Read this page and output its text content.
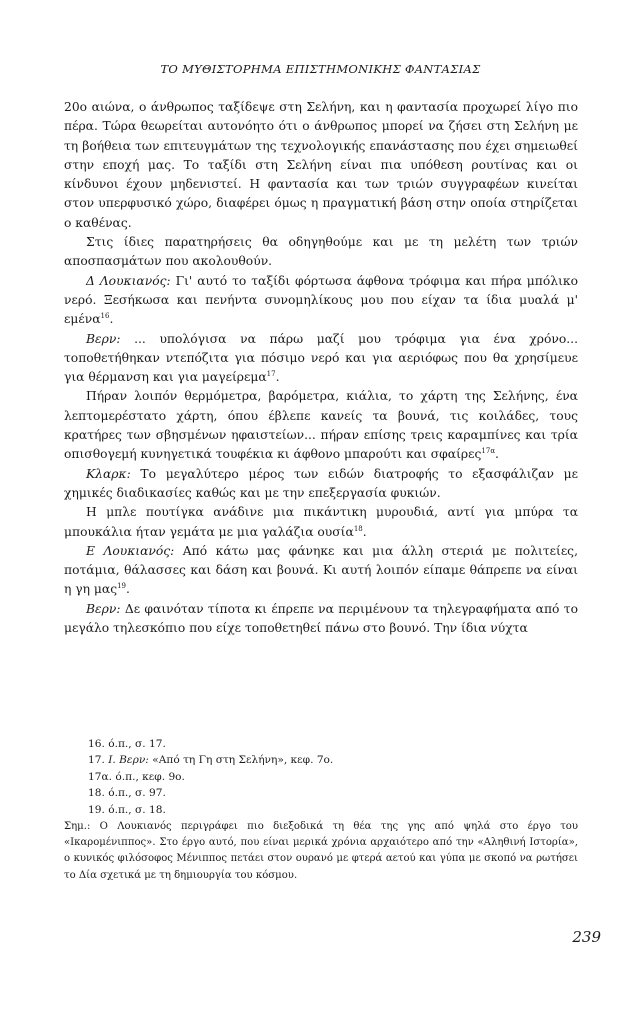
ΤΟ ΜΥΘΙΣΤΟΡΗΜΑ ΕΠΙΣΤΗΜΟΝΙΚΗΣ ΦΑΝΤΑΣΙΑΣ

20ο αιώνα, ο άνθρωπος ταξίδεψε στη Σελήνη, και η φαντασία προχωρεί λίγο πιο πέρα. Τώρα θεωρείται αυτονόητο ότι ο άνθρωπος μπορεί να ζήσει στη Σελήνη με τη βοήθεια των επιτευγμάτων της τεχνολογικής επανάστασης που έχει σημειωθεί στην εποχή μας. Το ταξίδι στη Σελήνη είναι πια υπόθεση ρουτίνας και οι κίνδυνοι έχουν μηδενιστεί. Η φαντασία και των τριών συγγραφέων κινείται στον υπερφυσικό χώρο, διαφέρει όμως η πραγματική βάση στην οποία στηρίζεται ο καθένας.

Στις ίδιες παρατηρήσεις θα οδηγηθούμε και με τη μελέτη των τριών αποσπασμάτων που ακολουθούν.

Δ Λουκιανός: Γι' αυτό το ταξίδι φόρτωσα άφθονα τρόφιμα και πήρα μπόλικο νερό. Ξεσήκωσα και πενήντα συνομηλίκους μου που είχαν τα ίδια μυαλά μ' εμένα$^{16}$.

Βερν: ... υπολόγισα να πάρω μαζί μου τρόφιμα για ένα χρόνο... τοποθετήθηκαν ντεπόζιτα για πόσιμο νερό και για αεριόφως που θα χρησίμευε για θέρμανση και για μαγείρεμα$^{17}$.

Πήραν λοιπόν θερμόμετρα, βαρόμετρα, κιάλια, το χάρτη της Σελήνης, ένα λεπτομερέστατο χάρτη, όπου έβλεπε κανείς τα βουνά, τις κοιλάδες, τους κρατήρες των σβησμένων ηφαιστείων... πήραν επίσης τρεις καραμπίνες και τρία οπισθογεμή κυνηγετικά τουφέκια κι άφθονο μπαρούτι και σφαίρες$^{17\alpha}$.

Κλαρκ: Το μεγαλύτερο μέρος των ειδών διατροφής το εξασφάλιζαν με χημικές διαδικασίες καθώς και με την επεξεργασία φυκιών.

Η μπλε πουτίγκα ανάδινε μια πικάντικη μυρουδιά, αντί για μπύρα τα μπουκάλια ήταν γεμάτα με μια γαλάζια ουσία$^{18}$.

Ε Λουκιανός: Από κάτω μας φάνηκε και μια άλλη στεριά με πολιτείες, ποτάμια, θάλασσες και δάση και βουνά. Κι αυτή λοιπόν είπαμε θάπρεπε να είναι η γη μας$^{19}$.

Βερν: Δε φαινόταν τίποτα κι έπρεπε να περιμένουν τα τηλεγραφήματα από το μεγάλο τηλεσκόπιο που είχε τοποθετηθεί πάνω στο βουνό. Την ίδια νύχτα

16. ό.π., σ. 17.
17. Ι. Βερν: «Από τη Γη στη Σελήνη», κεφ. 7ο.
17α. ό.π., κεφ. 9ο.
18. ό.π., σ. 97.
19. ό.π., σ. 18.
Σημ.: Ο Λουκιανός περιγράφει πιο διεξοδικά τη θέα της γης από ψηλά στο έργο του «Ικαρομένιππος». Στο έργο αυτό, που είναι μερικά χρόνια αρχαιότερο από την «Αληθινή Ιστορία», ο κυνικός φιλόσοφος Μένιππος πετάει στον ουρανό με φτερά αετού και γύπα με σκοπό να ρωτήσει το Δία σχετικά με τη δημιουργία του κόσμου.
239
